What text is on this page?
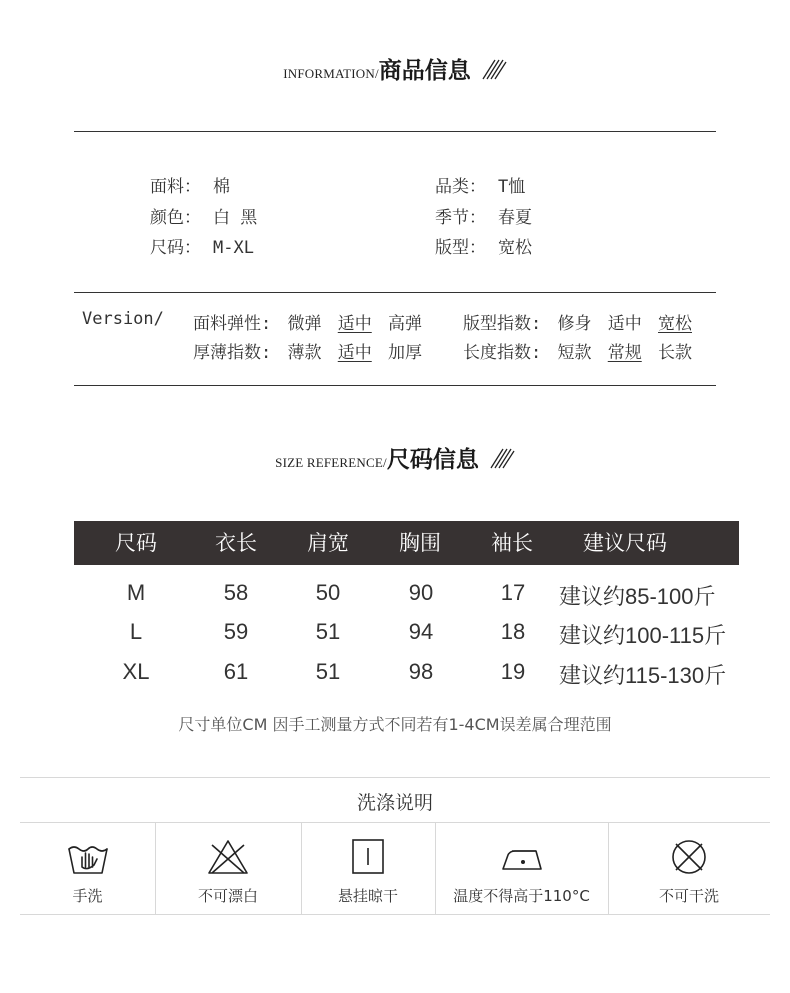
INFORMATION/ 商品信息
面料： 棉
颜色： 白 黑
尺码： M-XL
品类： T恤
季节： 春夏
版型： 宽松
Version/ 面料弹性: 微弹 适中 高弹 版型指数: 修身 适中 宽松
厚薄指数: 薄款 适中 加厚 长度指数: 短款 常规 长款
SIZE REFERENCE/ 尺码信息
尺码	衣长	肩宽	胸围	袖长	建议尺码
M	58	50	90	17	建议约85-100斤
L	59	51	94	18	建议约100-115斤
XL	61	51	98	19	建议约115-130斤
尺寸单位CM 因手工测量方式不同若有1-4CM误差属合理范围
洗涤说明
手洗	不可漂白	悬挂晾干	温度不得高于110°C	不可干洗
